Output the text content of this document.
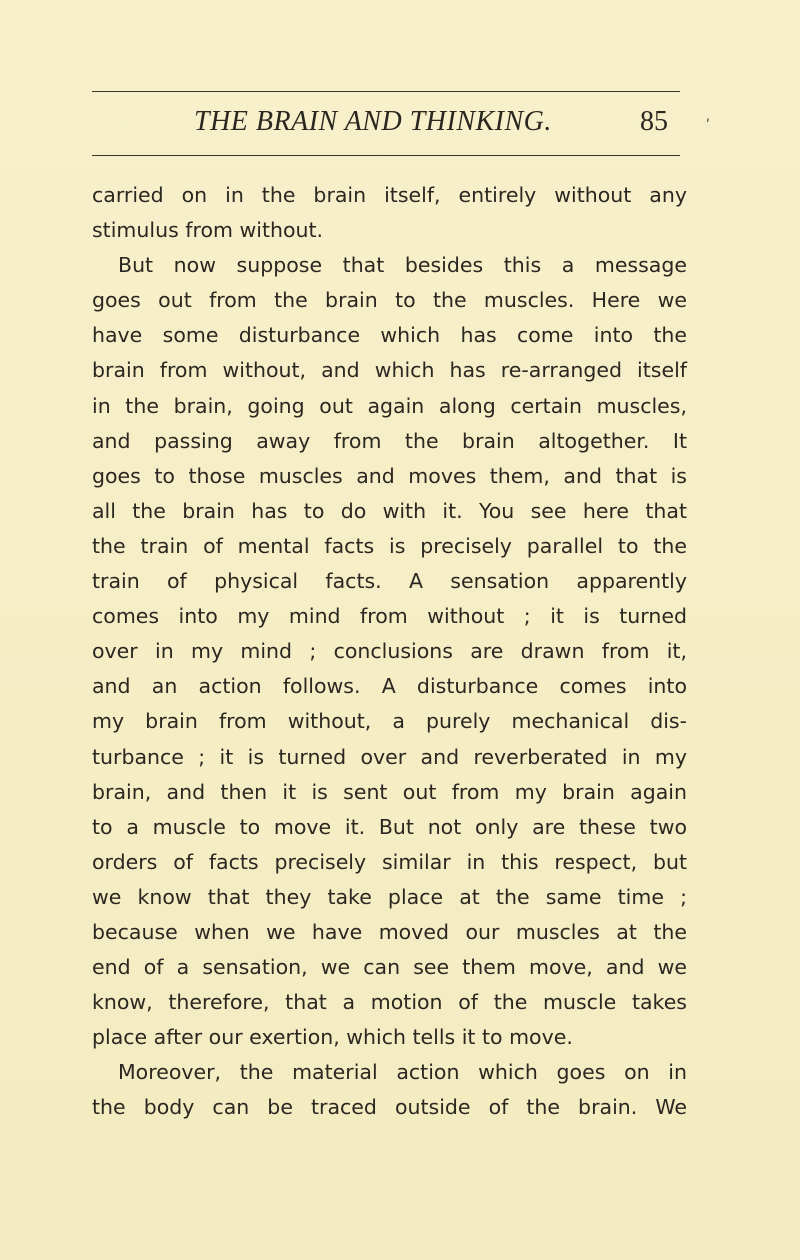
THE BRAIN AND THINKING.	85	ʹ
carried on in the brain itself, entirely without any
stimulus from without.
But now suppose that besides this a message
goes out from the brain to the muscles. Here we
have some disturbance which has come into the
brain from without, and which has re-arranged itself
in the brain, going out again along certain muscles,
and passing away from the brain altogether. It
goes to those muscles and moves them, and that is
all the brain has to do with it. You see here that
the train of mental facts is precisely parallel to the
train of physical facts. A sensation apparently
comes into my mind from without ; it is turned
over in my mind ; conclusions are drawn from it,
and an action follows. A disturbance comes into
my brain from without, a purely mechanical dis-
turbance ; it is turned over and reverberated in my
brain, and then it is sent out from my brain again
to a muscle to move it. But not only are these two
orders of facts precisely similar in this respect, but
we know that they take place at the same time ;
because when we have moved our muscles at the
end of a sensation, we can see them move, and we
know, therefore, that a motion of the muscle takes
place after our exertion, which tells it to move.
Moreover, the material action which goes on in
the body can be traced outside of the brain. We
